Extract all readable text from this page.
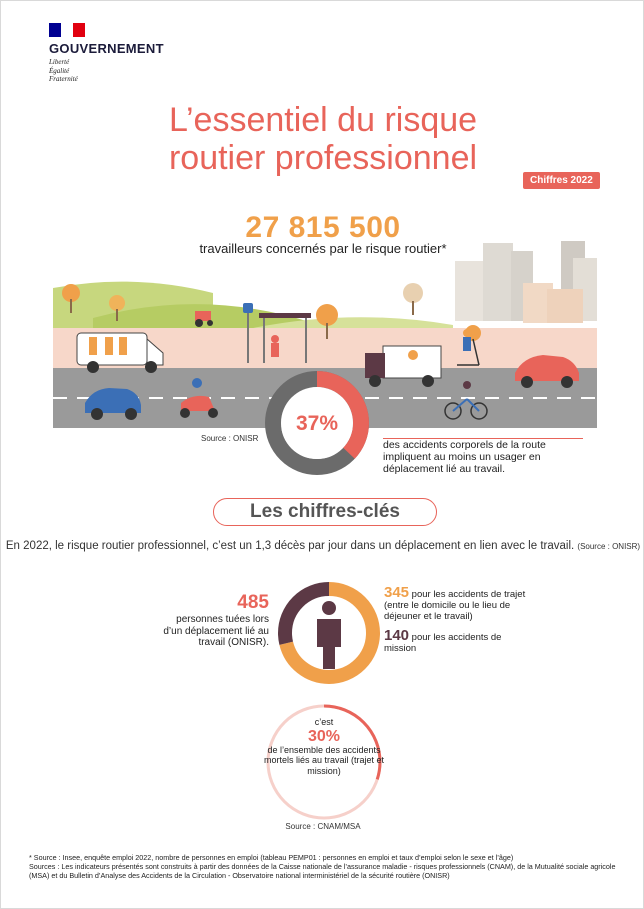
GOUVERNEMENT
Liberté
Égalité
Fraternité
L’essentiel du risque
routier professionnel
Chiffres 2022
37%
Source : ONISR
des accidents corporels de la route impliquent au moins un usager en déplacement lié au travail.
27 815 500
travailleurs concernés par le risque routier*
Les chiffres-clés
En 2022, le risque routier professionnel, c’est un 1,3 décès par jour dans un déplacement en lien avec le travail. (Source : ONISR)
485
personnes tuées lors d’un déplacement lié au travail (ONISR).
345 pour les accidents de trajet (entre le domicile ou le lieu de déjeuner et le travail)
140 pour les accidents de mission
c’est
30%
de l’ensemble des accidents mortels liés au travail (trajet et mission)
Source : CNAM/MSA
* Source : Insee, enquête emploi 2022, nombre de personnes en emploi (tableau PEMP01 : personnes en emploi et taux d’emploi selon le sexe et l’âge)
Sources : Les indicateurs présentés sont construits à partir des données de la Caisse nationale de l’assurance maladie - risques professionnels (CNAM), de la Mutualité sociale agricole (MSA) et du Bulletin d’Analyse des Accidents de la Circulation - Observatoire national interministériel de la sécurité routière (ONISR)
